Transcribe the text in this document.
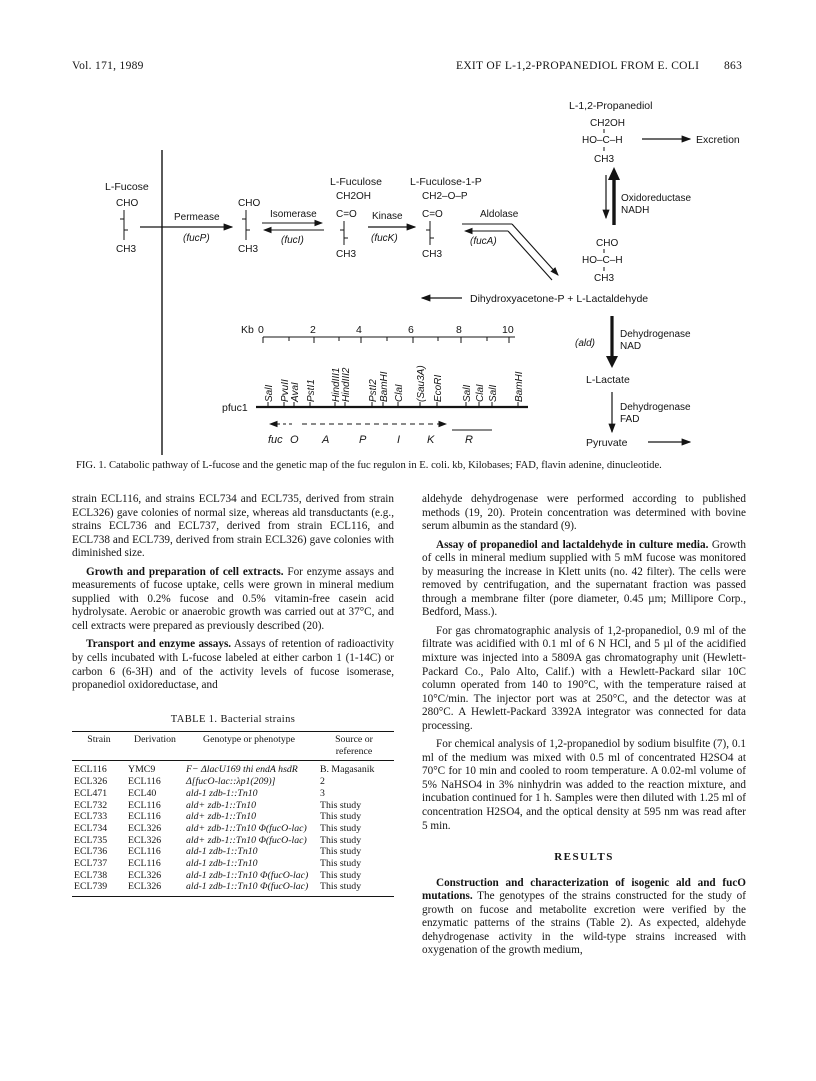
Vol. 171, 1989	EXIT OF L-1,2-PROPANEDIOL FROM E. COLI 863
L-Fucose
CHO
CH3
Permease
(fucP)
CHO
CH3
Isomerase
(fucI)
L-Fuculose
CH2OH
C=O
CH3
Kinase
(fucK)
L-Fuculose-1-P
CH2–O–P
C=O
CH3
Aldolase
(fucA)
L-1,2-Propanediol
CH2OH
HO–C–H
CH3
Excretion
Oxidoreductase
NADH
CHO
HO–C–H
CH3
Dihydroxyacetone-P + L-Lactaldehyde
(ald)
Dehydrogenase
NAD
L-Lactate
Dehydrogenase
FAD
Pyruvate
Kb 0	2	4	6	8	10
pfuc1
SalI PvuII AvaI PstI1 HindIII1 HindIII2 PstI2 BamHI ClaI (Sau3A) EcoRI SalI ClaI SalI BamHI
fuc O A	P	I K	R
FIG. 1. Catabolic pathway of L-fucose and the genetic map of the fuc regulon in E. coli. kb, Kilobases; FAD, flavin adenine, dinucleotide.

strain ECL116, and strains ECL734 and ECL735, derived from strain ECL326) gave colonies of normal size, whereas ald transductants (e.g., strains ECL736 and ECL737, derived from strain ECL116, and ECL738 and ECL739, derived from strain ECL326) gave colonies with diminished size.

Growth and preparation of cell extracts. For enzyme assays and measurements of fucose uptake, cells were grown in mineral medium supplied with 0.2% fucose and 0.5% vitamin-free casein acid hydrolysate. Aerobic or anaerobic growth was carried out at 37°C, and cell extracts were prepared as previously described (20).

Transport and enzyme assays. Assays of retention of radioactivity by cells incubated with L-fucose labeled at either carbon 1 (1-14C) or carbon 6 (6-3H) and of the activity levels of fucose isomerase, propanediol oxidoreductase, and

TABLE 1. Bacterial strains
Strain	Derivation	Genotype or phenotype	Source or reference
ECL116	YMC9	F− ΔlacU169 thi endA hsdR	B. Magasanik
ECL326	ECL116	Δ[fucO-lac::λp1(209)]	2
ECL471	ECL40	ald-1 zdb-1::Tn10	3
ECL732	ECL116	ald+ zdb-1::Tn10	This study
ECL733	ECL116	ald+ zdb-1::Tn10	This study
ECL734	ECL326	ald+ zdb-1::Tn10 Φ(fucO-lac)	This study
ECL735	ECL326	ald+ zdb-1::Tn10 Φ(fucO-lac)	This study
ECL736	ECL116	ald-1 zdb-1::Tn10	This study
ECL737	ECL116	ald-1 zdb-1::Tn10	This study
ECL738	ECL326	ald-1 zdb-1::Tn10 Φ(fucO-lac)	This study
ECL739	ECL326	ald-1 zdb-1::Tn10 Φ(fucO-lac)	This study

aldehyde dehydrogenase were performed according to published methods (19, 20). Protein concentration was determined with bovine serum albumin as the standard (9).

Assay of propanediol and lactaldehyde in culture media. Growth of cells in mineral medium supplied with 5 mM fucose was monitored by measuring the increase in Klett units (no. 42 filter). The cells were removed by centrifugation, and the supernatant fraction was passed through a membrane filter (pore diameter, 0.45 µm; Millipore Corp., Bedford, Mass.).

For gas chromatographic analysis of 1,2-propanediol, 0.9 ml of the filtrate was acidified with 0.1 ml of 6 N HCl, and 5 µl of the acidified mixture was injected into a 5809A gas chromatography unit (Hewlett-Packard Co., Palo Alto, Calif.) with a Hewlett-Packard silar 10C column operated from 140 to 190°C, with the temperature raised at 10°C/min. The injector port was at 250°C, and the detector was at 280°C. A Hewlett-Packard 3392A integrator was connected for data processing.

For chemical analysis of 1,2-propanediol by sodium bisulfite (7), 0.1 ml of the medium was mixed with 0.5 ml of concentrated H2SO4 at 70°C for 10 min and cooled to room temperature. A 0.02-ml volume of 5% NaHSO4 in 3% ninhydrin was added to the reaction mixture, and incubation continued for 1 h. Samples were then diluted with 1.25 ml of concentration H2SO4, and the optical density at 595 nm was read after 5 min.

RESULTS

Construction and characterization of isogenic ald and fucO mutations. The genotypes of the strains constructed for the study of growth on fucose and metabolite excretion were verified by the enzymatic patterns of the strains (Table 2). As expected, aldehyde dehydrogenase activity in the wild-type strains increased with oxygenation of the growth medium,
